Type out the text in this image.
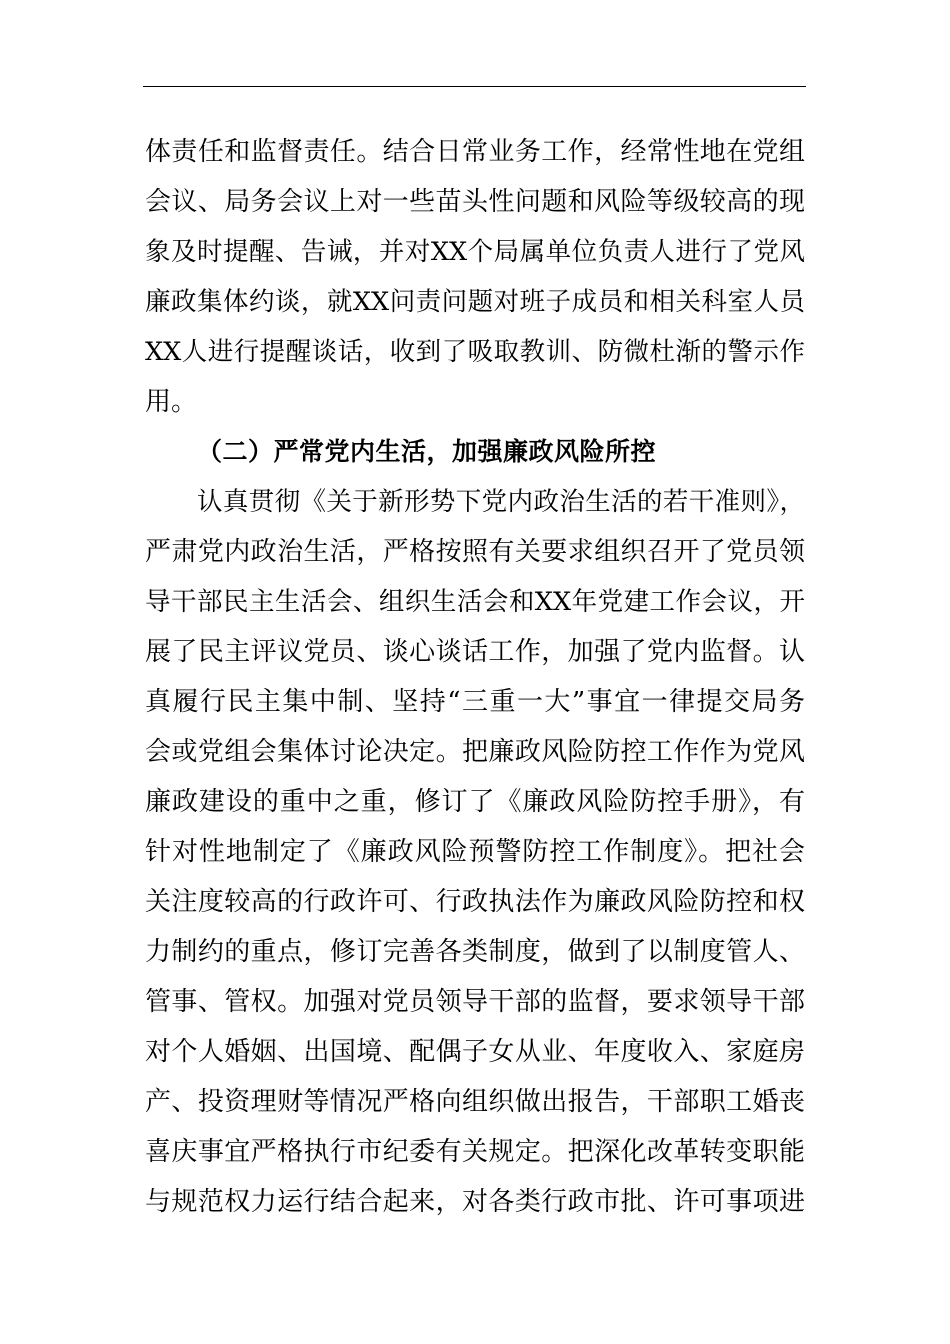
体责任和监督责任。结合日常业务工作，经常性地在党组
会议、局务会议上对一些苗头性问题和风险等级较高的现
象及时提醒、告诫，并对XX个局属单位负责人进行了党风
廉政集体约谈，就XX问责问题对班子成员和相关科室人员
XX人进行提醒谈话，收到了吸取教训、防微杜渐的警示作
用。
（二）严常党内生活，加强廉政风险所控
认真贯彻《关于新形势下党内政治生活的若干准则》，
严肃党内政治生活，严格按照有关要求组织召开了党员领
导干部民主生活会、组织生活会和XX年党建工作会议，开
展了民主评议党员、谈心谈话工作，加强了党内监督。认
真履行民主集中制、坚持“三重一大”事宜一律提交局务
会或党组会集体讨论决定。把廉政风险防控工作作为党风
廉政建设的重中之重，修订了《廉政风险防控手册》，有
针对性地制定了《廉政风险预警防控工作制度》。把社会
关注度较高的行政许可、行政执法作为廉政风险防控和权
力制约的重点，修订完善各类制度，做到了以制度管人、
管事、管权。加强对党员领导干部的监督，要求领导干部
对个人婚姻、出国境、配偶子女从业、年度收入、家庭房
产、投资理财等情况严格向组织做出报告，干部职工婚丧
喜庆事宜严格执行市纪委有关规定。把深化改革转变职能
与规范权力运行结合起来，对各类行政市批、许可事项进
